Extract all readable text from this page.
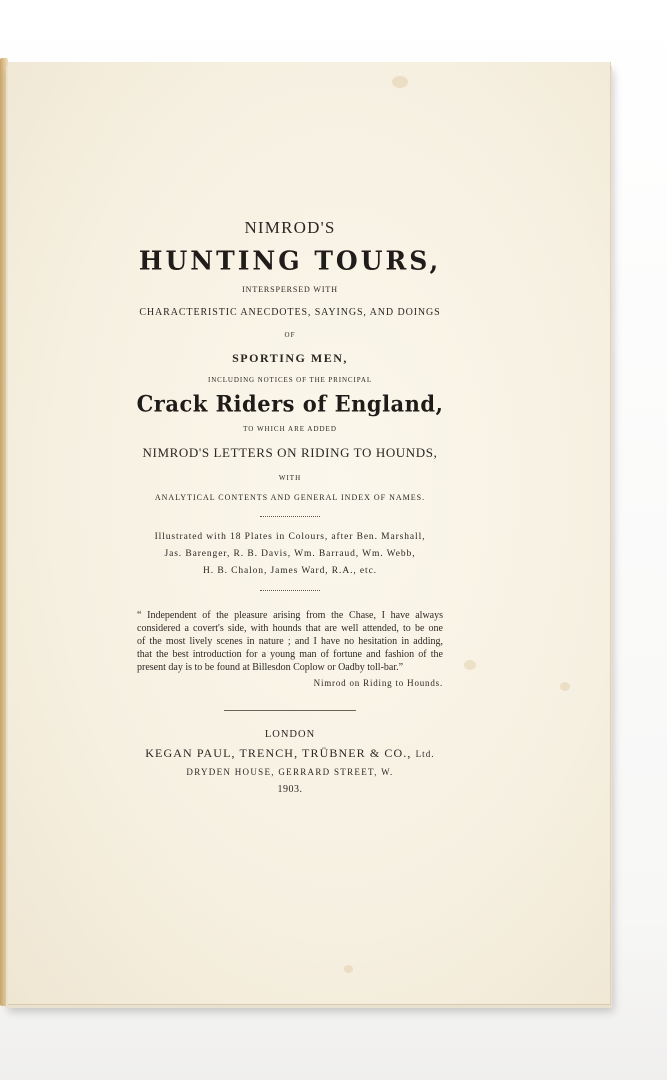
NIMROD'S
HUNTING TOURS,
INTERSPERSED WITH
CHARACTERISTIC ANECDOTES, SAYINGS, AND DOINGS
OF
SPORTING MEN,
INCLUDING NOTICES OF THE PRINCIPAL
Crack Riders of England,
TO WHICH ARE ADDED
NIMROD'S LETTERS ON RIDING TO HOUNDS,
WITH
ANALYTICAL CONTENTS AND GENERAL INDEX OF NAMES.
Illustrated with 18 Plates in Colours, after Ben. Marshall,
Jas. Barenger, R. B. Davis, Wm. Barraud, Wm. Webb,
H. B. Chalon, James Ward, R.A., etc.
“ Independent of the pleasure arising from the Chase, I have always
considered a covert's side, with hounds that are well attended, to be one
of the most lively scenes in nature ; and I have no hesitation in adding,
that the best introduction for a young man of fortune and fashion of the
present day is to be found at Billesdon Coplow or Oadby toll-bar.”
Nimrod on Riding to Hounds.
LONDON
KEGAN PAUL, TRENCH, TRÜBNER & CO., Ltd.
DRYDEN HOUSE, GERRARD STREET, W.
1903.
